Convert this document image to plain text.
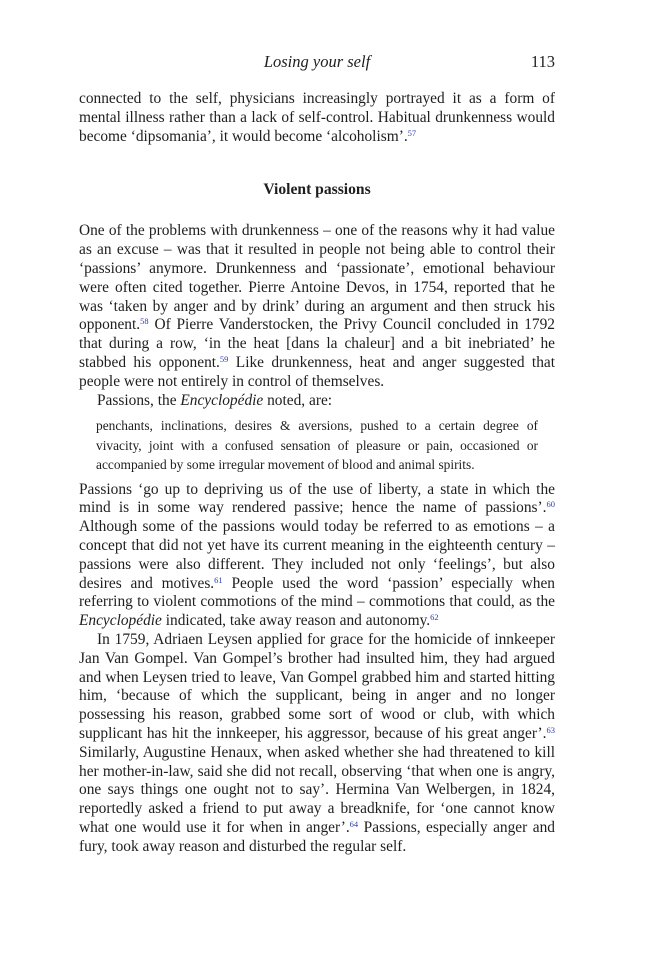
Losing your self	113

connected to the self, physicians increasingly portrayed it as a form of mental illness rather than a lack of self-control. Habitual drunkenness would become ‘dipsomania’, it would become ‘alcoholism’.$^{57}$

Violent passions

One of the problems with drunkenness – one of the reasons why it had value as an excuse – was that it resulted in people not being able to control their ‘passions’ anymore. Drunkenness and ‘passionate’, emotional behaviour were often cited together. Pierre Antoine Devos, in 1754, reported that he was ‘taken by anger and by drink’ during an argument and then struck his opponent.$^{58}$ Of Pierre Vanderstocken, the Privy Council concluded in 1792 that during a row, ‘in the heat [dans la chaleur] and a bit inebriated’ he stabbed his opponent.$^{59}$ Like drunkenness, heat and anger suggested that people were not entirely in control of themselves.

Passions, the Encyclopédie noted, are:

penchants, inclinations, desires & aversions, pushed to a certain degree of vivacity, joint with a confused sensation of pleasure or pain, occasioned or accompanied by some irregular movement of blood and animal spirits.

Passions ‘go up to depriving us of the use of liberty, a state in which the mind is in some way rendered passive; hence the name of passions’.$^{60}$ Although some of the passions would today be referred to as emotions – a concept that did not yet have its current meaning in the eighteenth century – passions were also different. They included not only ‘feelings’, but also desires and motives.$^{61}$ People used the word ‘passion’ especially when referring to violent commotions of the mind – commotions that could, as the Encyclopédie indicated, take away reason and autonomy.$^{62}$

In 1759, Adriaen Leysen applied for grace for the homicide of innkeeper Jan Van Gompel. Van Gompel’s brother had insulted him, they had argued and when Leysen tried to leave, Van Gompel grabbed him and started hitting him, ‘because of which the supplicant, being in anger and no longer possessing his reason, grabbed some sort of wood or club, with which supplicant has hit the innkeeper, his aggressor, because of his great anger’.$^{63}$ Similarly, Augustine Henaux, when asked whether she had threatened to kill her mother-in-law, said she did not recall, observing ‘that when one is angry, one says things one ought not to say’. Hermina Van Welbergen, in 1824, reportedly asked a friend to put away a breadknife, for ‘one cannot know what one would use it for when in anger’.$^{64}$ Passions, especially anger and fury, took away reason and disturbed the regular self.
